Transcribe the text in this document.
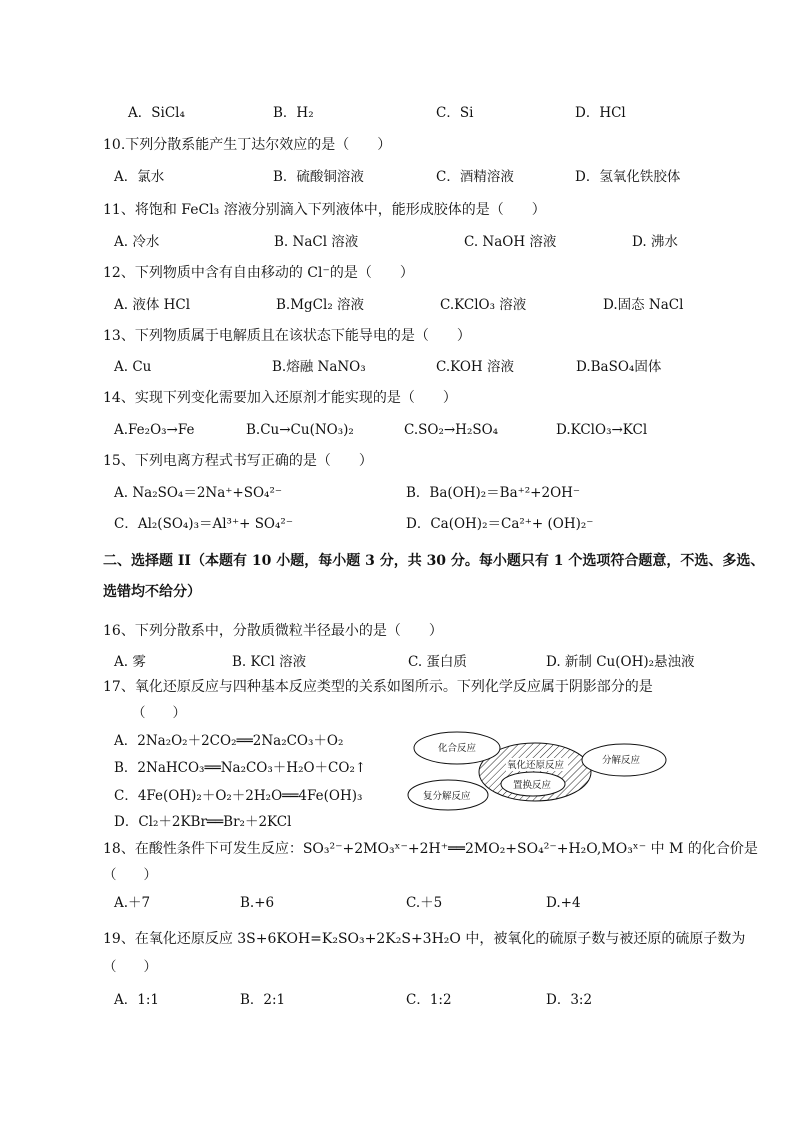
A．SiCl₄	B．H₂	C．Si	D．HCl
10.下列分散系能产生丁达尔效应的是（　　）
A．氯水	B．硫酸铜溶液	C．酒精溶液	D．氢氧化铁胶体
11、将饱和 FeCl₃ 溶液分别滴入下列液体中，能形成胶体的是（　　）
A. 冷水	B. NaCl 溶液	C. NaOH 溶液	D. 沸水
12、下列物质中含有自由移动的 Cl⁻的是（　　）
A. 液体 HCl	B.MgCl₂ 溶液	C.KClO₃ 溶液	D.固态 NaCl
13、下列物质属于电解质且在该状态下能导电的是（　　）
A. Cu	B.熔融 NaNO₃	C.KOH 溶液	D.BaSO₄固体
14、实现下列变化需要加入还原剂才能实现的是（　　）
A.Fe₂O₃→Fe	B.Cu→Cu(NO₃)₂	C.SO₂→H₂SO₄	D.KClO₃→KCl
15、下列电离方程式书写正确的是（　　）
A. Na₂SO₄＝2Na⁺+SO₄²⁻	B．Ba(OH)₂＝Ba⁺²+2OH⁻
C．Al₂(SO₄)₃＝Al³⁺+ SO₄²⁻	D．Ca(OH)₂＝Ca²⁺+ (OH)₂⁻
二、选择题 II（本题有 10 小题，每小题 3 分，共 30 分。每小题只有 1 个选项符合题意，不选、多选、
选错均不给分）
16、下列分散系中，分散质微粒半径最小的是（　　）
A. 雾	B. KCl 溶液	C. 蛋白质	D. 新制 Cu(OH)₂悬浊液
17、氧化还原反应与四种基本反应类型的关系如图所示。下列化学反应属于阴影部分的是
（　　）
A．2Na₂O₂＋2CO₂══2Na₂CO₃＋O₂
B．2NaHCO₃══Na₂CO₃＋H₂O＋CO₂↑
C．4Fe(OH)₂＋O₂＋2H₂O══4Fe(OH)₃
D．Cl₂＋2KBr══Br₂＋2KCl
化合反应
氧化还原反应	分解反应
置换反应
复分解反应
18、在酸性条件下可发生反应：SO₃²⁻+2MO₃ˣ⁻+2H⁺══2MO₂+SO₄²⁻+H₂O,MO₃ˣ⁻ 中 M 的化合价是
（　　）
A.＋7	B.+6	C.＋5	D.+4
19、在氧化还原反应 3S+6KOH=K₂SO₃+2K₂S+3H₂O 中，被氧化的硫原子数与被还原的硫原子数为
（　　）
A．1:1	B．2:1	C．1:2	D．3:2
